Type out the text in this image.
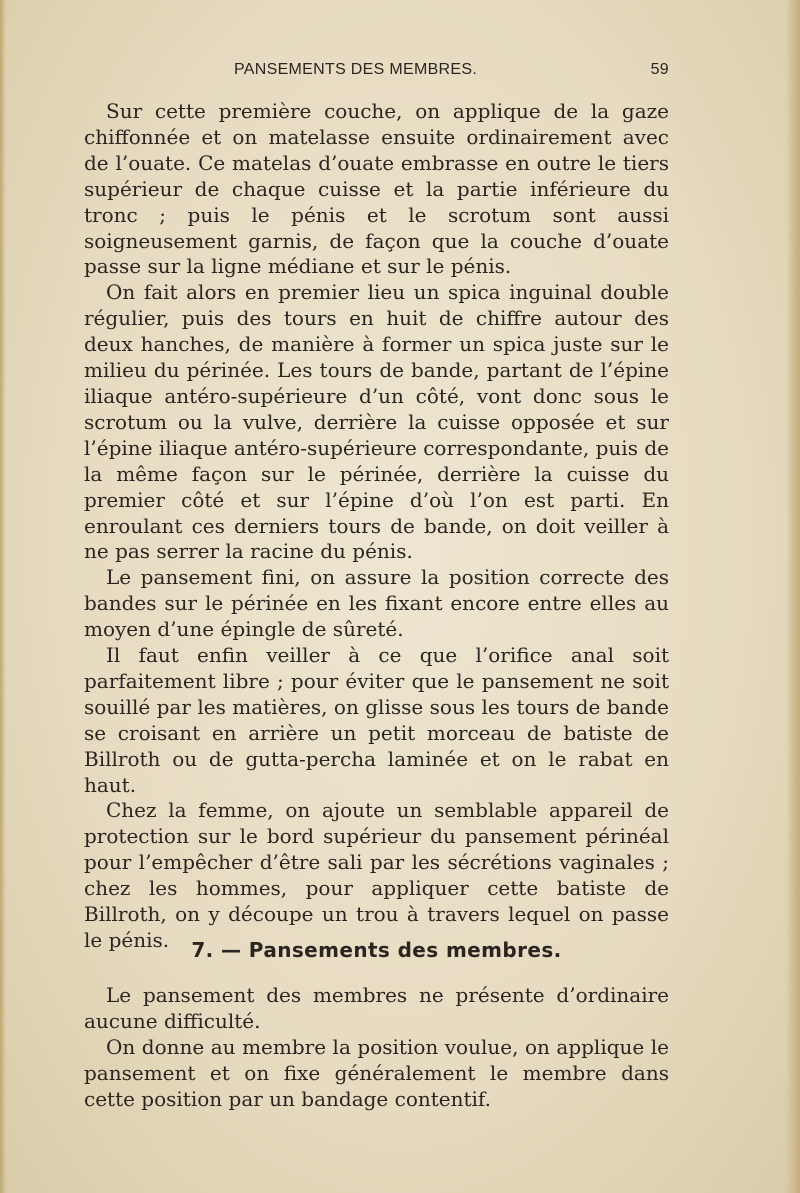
PANSEMENTS DES MEMBRES.	59

Sur cette première couche, on applique de la gaze chiffonnée et on matelasse ensuite ordinairement avec de l’ouate. Ce matelas d’ouate embrasse en outre le tiers supérieur de chaque cuisse et la partie inférieure du tronc ; puis le pénis et le scrotum sont aussi soigneusement garnis, de façon que la couche d’ouate passe sur la ligne médiane et sur le pénis.

On fait alors en premier lieu un spica inguinal double régulier, puis des tours en huit de chiffre autour des deux hanches, de manière à former un spica juste sur le milieu du périnée. Les tours de bande, partant de l’épine iliaque antéro-supérieure d’un côté, vont donc sous le scrotum ou la vulve, derrière la cuisse opposée et sur l’épine iliaque antéro-supérieure correspondante, puis de la même façon sur le périnée, derrière la cuisse du premier côté et sur l’épine d’où l’on est parti. En enroulant ces derniers tours de bande, on doit veiller à ne pas serrer la racine du pénis.

Le pansement fini, on assure la position correcte des bandes sur le périnée en les fixant encore entre elles au moyen d’une épingle de sûreté.

Il faut enfin veiller à ce que l’orifice anal soit parfaitement libre ; pour éviter que le pansement ne soit souillé par les matières, on glisse sous les tours de bande se croisant en arrière un petit morceau de batiste de Billroth ou de gutta-percha laminée et on le rabat en haut.

Chez la femme, on ajoute un semblable appareil de protection sur le bord supérieur du pansement périnéal pour l’empêcher d’être sali par les sécrétions vaginales ; chez les hommes, pour appliquer cette batiste de Billroth, on y découpe un trou à travers lequel on passe le pénis.	7. — Pansements des membres.

Le pansement des membres ne présente d’ordinaire aucune difficulté.

On donne au membre la position voulue, on applique le pansement et on fixe généralement le membre dans cette position par un bandage contentif.
